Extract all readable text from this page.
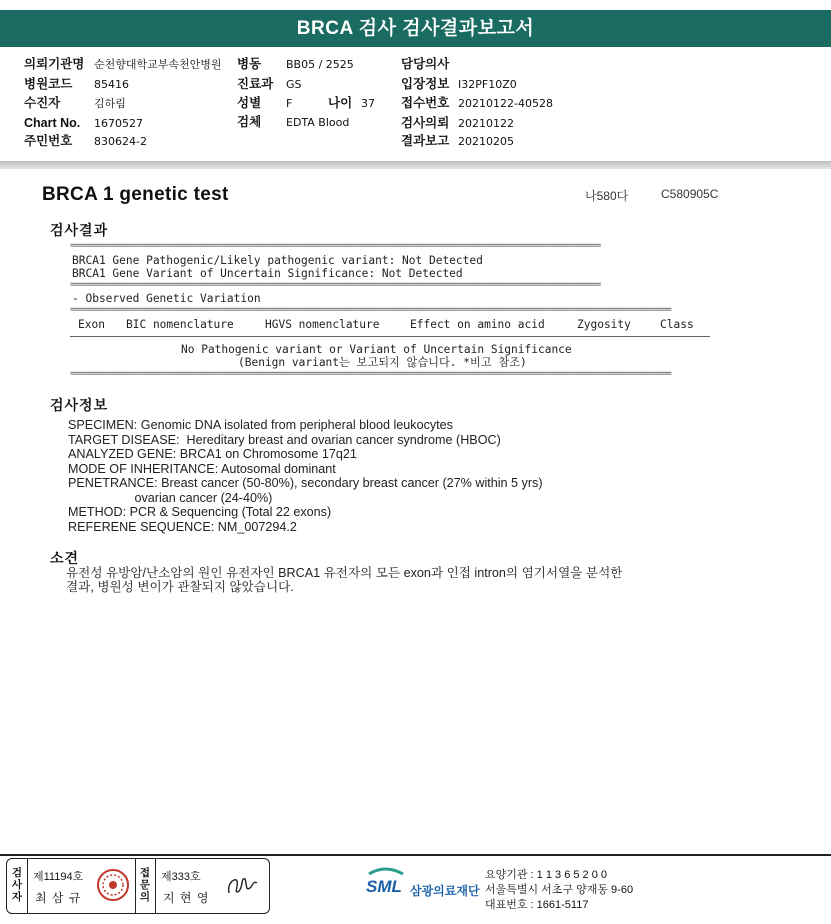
BRCA 검사 검사결과보고서
의뢰기관명 순천향대학교부속천안병원
병원코드 85416
수진자	김하림
Chart No. 1670527
주민번호 830624-2
병동 BB05 / 2525
진료과 GS
성별 F	나이 37
검체 EDTA Blood
담당의사
입장정보 I32PF10Z0
접수번호 20210122-40528
검사의뢰 20210122
결과보고 20210205
BRCA 1 genetic test	나580다	C580905C
검사결과
========================================================================================================================
BRCA1 Gene Pathogenic/Likely pathogenic variant: Not Detected
BRCA1 Gene Variant of Uncertain Significance: Not Detected
========================================================================================================================
- Observed Genetic Variation
========================================================================================================================================
Exon BIC nomenclature	HGVS nomenclature	Effect on amino acid	Zygosity	Class
No Pathogenic variant or Variant of Uncertain Significance
(Benign variant는 보고되지 않습니다. *비고 참조)
========================================================================================================================================
검사정보
SPECIMEN: Genomic DNA isolated from peripheral blood leukocytes
TARGET DISEASE:  Hereditary breast and ovarian cancer syndrome (HBOC)
ANALYZED GENE: BRCA1 on Chromosome 17q21
MODE OF INHERITANCE: Autosomal dominant
PENETRANCE: Breast cancer (50-80%), secondary breast cancer (27% within 5 yrs)
ovarian cancer (24-40%)
METHOD: PCR & Sequencing (Total 22 exons)
REFERENE SEQUENCE: NM_007294.2
소견
유전성 유방암/난소암의 원인 유전자인 BRCA1 유전자의 모든 exon과 인접 intron의 염기서열을 분석한
결과, 병원성 변이가 관찰되지 않았습니다.
검
사
자
제11194호
최 삼 규
접
문
의
제333호
지 현 영
SML 삼광의료재단
요양기관 : 1 1 3 6 5 2 0 0
서울특별시 서초구 양재동 9-60
대표번호 : 1661-5117
